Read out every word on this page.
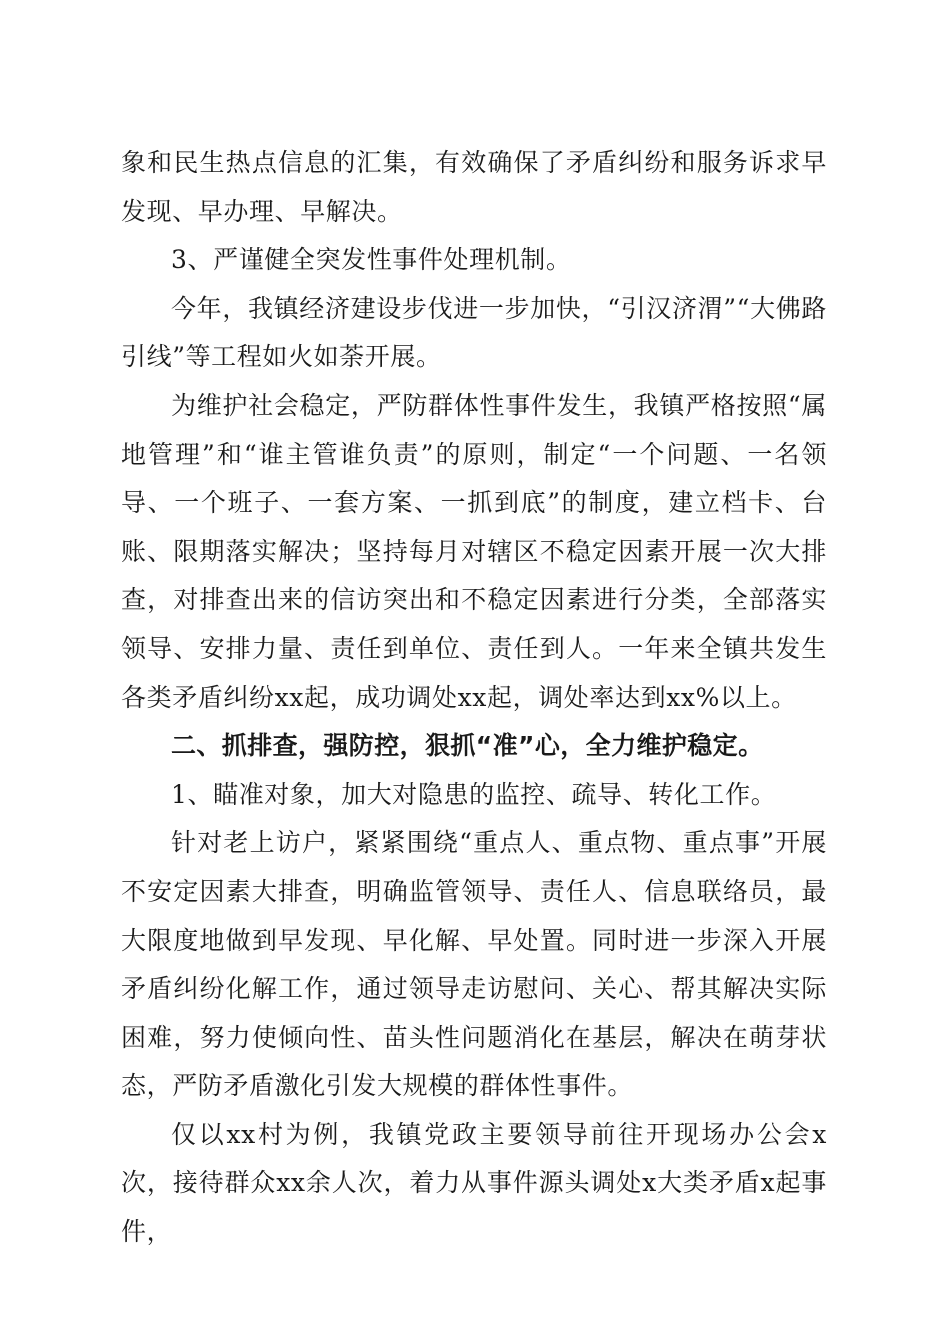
象和民生热点信息的汇集，有效确保了矛盾纠纷和服务诉求早发现、早办理、早解决。

3、严谨健全突发性事件处理机制。

今年，我镇经济建设步伐进一步加快，“引汉济渭”“大佛路引线”等工程如火如荼开展。

为维护社会稳定，严防群体性事件发生，我镇严格按照“属地管理”和“谁主管谁负责”的原则，制定“一个问题、一名领导、一个班子、一套方案、一抓到底”的制度，建立档卡、台账、限期落实解决；坚持每月对辖区不稳定因素开展一次大排查，对排查出来的信访突出和不稳定因素进行分类，全部落实领导、安排力量、责任到单位、责任到人。一年来全镇共发生各类矛盾纠纷xx起，成功调处xx起，调处率达到xx%以上。

二、抓排查，强防控，狠抓“准”心，全力维护稳定。

1、瞄准对象，加大对隐患的监控、疏导、转化工作。

针对老上访户，紧紧围绕“重点人、重点物、重点事”开展不安定因素大排查，明确监管领导、责任人、信息联络员，最大限度地做到早发现、早化解、早处置。同时进一步深入开展矛盾纠纷化解工作，通过领导走访慰问、关心、帮其解决实际困难，努力使倾向性、苗头性问题消化在基层，解决在萌芽状态，严防矛盾激化引发大规模的群体性事件。

仅以xx村为例，我镇党政主要领导前往开现场办公会x次，接待群众xx余人次，着力从事件源头调处x大类矛盾x起事件，
